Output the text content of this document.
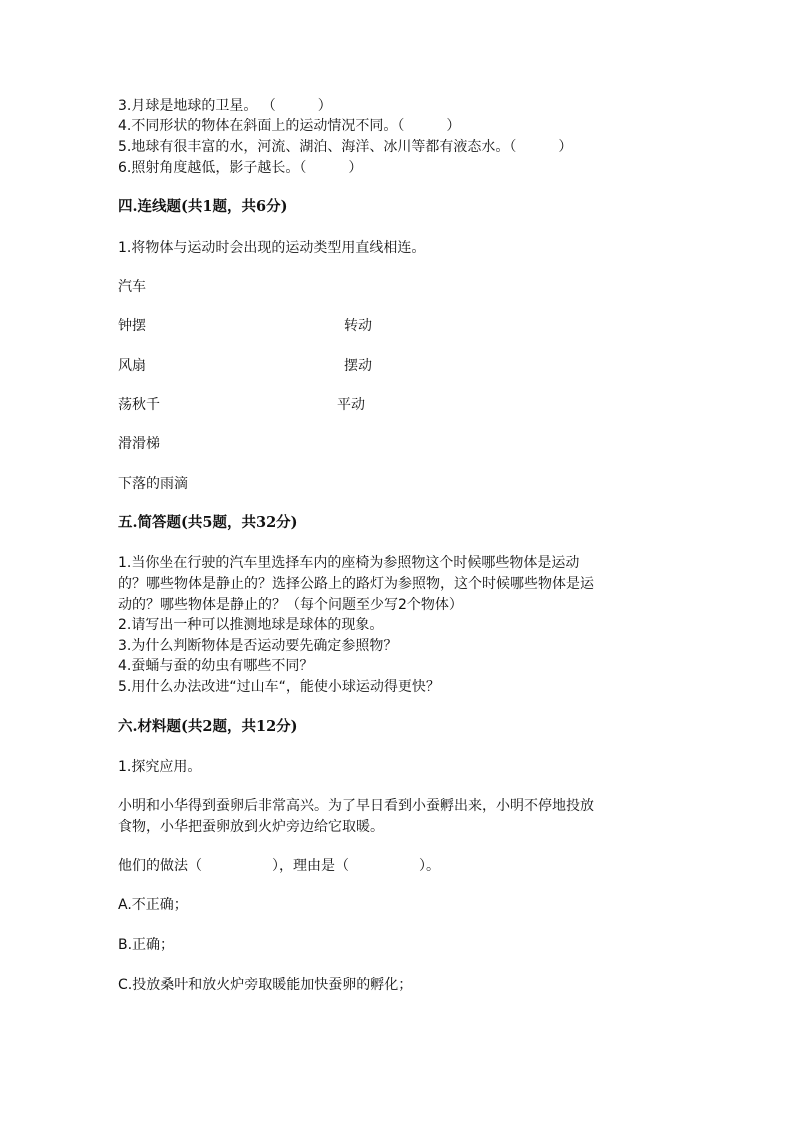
3.月球是地球的卫星。 （　　　）
4.不同形状的物体在斜面上的运动情况不同。（　　　）
5.地球有很丰富的水，河流、湖泊、海洋、冰川等都有液态水。（　　　）
6.照射角度越低，影子越长。（　　　）
四.连线题(共1题，共6分)
1.将物体与运动时会出现的运动类型用直线相连。
汽车
钟摆	转动
风扇	摆动
荡秋千	平动
滑滑梯
下落的雨滴
五.简答题(共5题，共32分)
1.当你坐在行驶的汽车里选择车内的座椅为参照物这个时候哪些物体是运动
的？哪些物体是静止的？选择公路上的路灯为参照物，这个时候哪些物体是运
动的？哪些物体是静止的？（每个问题至少写2个物体）
2.请写出一种可以推测地球是球体的现象。
3.为什么判断物体是否运动要先确定参照物？
4.蚕蛹与蚕的幼虫有哪些不同？
5.用什么办法改进“过山车“，能使小球运动得更快？
六.材料题(共2题，共12分)
1.探究应用。
小明和小华得到蚕卵后非常高兴。为了早日看到小蚕孵出来，小明不停地投放
食物，小华把蚕卵放到火炉旁边给它取暖。
他们的做法（　　　　　），理由是（　　　　　）。
A.不正确；
B.正确；
C.投放桑叶和放火炉旁取暖能加快蚕卵的孵化；
